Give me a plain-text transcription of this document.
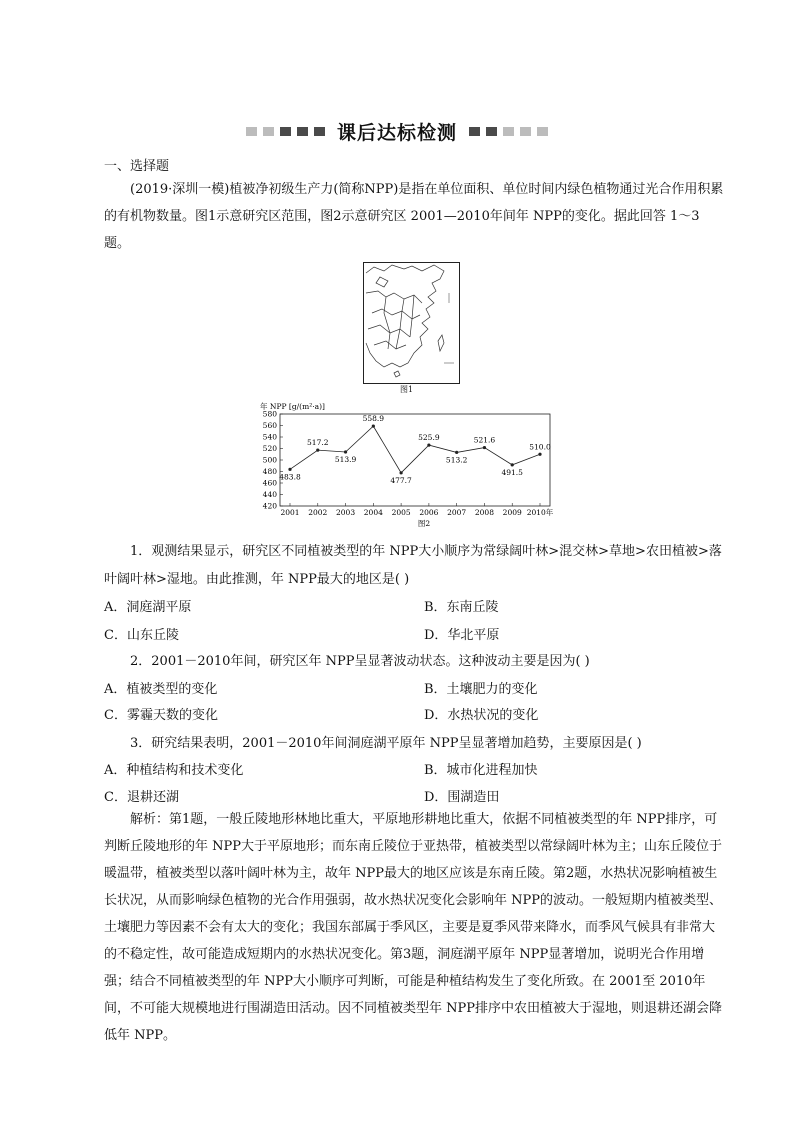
课后达标检测
一、选择题

(2019·深圳一模)植被净初级生产力(简称NPP)是指在单位面积、单位时间内绿色植物通过光合作用积累的有机物数量。图1示意研究区范围，图2示意研究区 2001—2010年间年 NPP的变化。据此回答 1～3题。

图1
年 NPP [g/(m²·a)]
420
440
460
480
500
520
540
560
580
2001 2002 2003 2004 2005 2006 2007 2008 2009 2010年
483.8
517.2
513.9
558.9
477.7
525.9
513.2
521.6
491.5
510.0
图2
1．观测结果显示，研究区不同植被类型的年 NPP大小顺序为常绿阔叶林>混交林>草地>农田植被>落
叶阔叶林>湿地。由此推测，年 NPP最大的地区是( )
A．洞庭湖平原	B．东南丘陵
C．山东丘陵	D．华北平原
2．2001－2010年间，研究区年 NPP呈显著波动状态。这种波动主要是因为( )
A．植被类型的变化	B．土壤肥力的变化
C．雾霾天数的变化	D．水热状况的变化
3．研究结果表明，2001－2010年间洞庭湖平原年 NPP呈显著增加趋势，主要原因是( )
A．种植结构和技术变化	B．城市化进程加快
C．退耕还湖	D．围湖造田

解析：第1题，一般丘陵地形林地比重大，平原地形耕地比重大，依据不同植被类型的年 NPP排序，可判断丘陵地形的年 NPP大于平原地形；而东南丘陵位于亚热带，植被类型以常绿阔叶林为主；山东丘陵位于暖温带，植被类型以落叶阔叶林为主，故年 NPP最大的地区应该是东南丘陵。第2题，水热状况影响植被生长状况，从而影响绿色植物的光合作用强弱，故水热状况变化会影响年 NPP的波动。一般短期内植被类型、土壤肥力等因素不会有太大的变化；我国东部属于季风区，主要是夏季风带来降水，而季风气候具有非常大的不稳定性，故可能造成短期内的水热状况变化。第3题，洞庭湖平原年 NPP显著增加，说明光合作用增强；结合不同植被类型的年 NPP大小顺序可判断，可能是种植结构发生了变化所致。在 2001至 2010年间，不可能大规模地进行围湖造田活动。因不同植被类型年 NPP排序中农田植被大于湿地，则退耕还湖会降低年 NPP。
